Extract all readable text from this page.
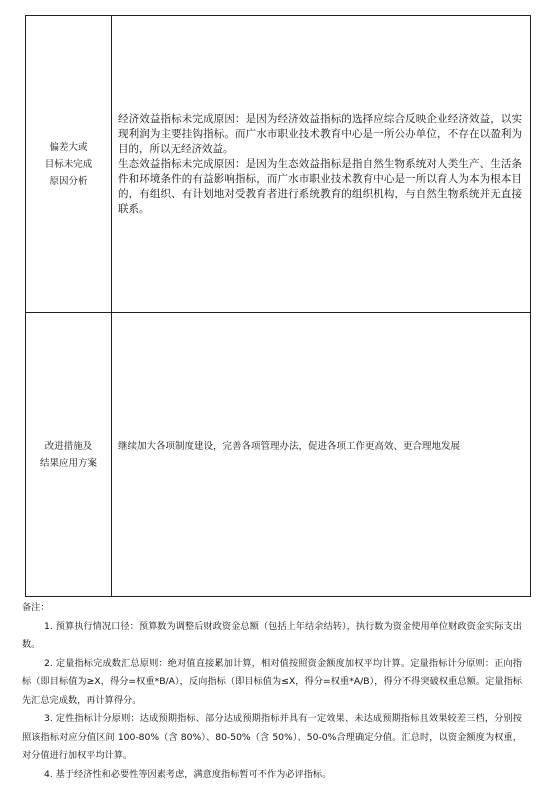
偏差大或
目标未完成
原因分析

经济效益指标未完成原因：是因为经济效益指标的选择应综合反映企业经济效益，以实现利润为主要挂钩指标。而广水市职业技术教育中心是一所公办单位，不存在以盈利为目的，所以无经济效益。

生态效益指标未完成原因：是因为生态效益指标是指自然生物系统对人类生产、生活条件和环境条件的有益影响指标，而广水市职业技术教育中心是一所以育人为本为根本目的，有组织、有计划地对受教育者进行系统教育的组织机构，与自然生物系统并无直接联系。

改进措施及
结果应用方案

继续加大各项制度建设，完善各项管理办法，促进各项工作更高效、更合理地发展

备注：

1. 预算执行情况口径：预算数为调整后财政资金总额（包括上年结余结转），执行数为资金使用单位财政资金实际支出数。

2. 定量指标完成数汇总原则：绝对值直接累加计算，相对值按照资金额度加权平均计算。定量指标计分原则：正向指标（即目标值为≥X，得分=权重*B/A），反向指标（即目标值为≤X，得分=权重*A/B），得分不得突破权重总额。定量指标先汇总完成数，再计算得分。

3. 定性指标计分原则：达成预期指标、部分达成预期指标并具有一定效果、未达成预期指标且效果较差三档，分别按照该指标对应分值区间 100-80%（含 80%）、80-50%（含 50%）、50-0%合理确定分值。汇总时，以资金额度为权重，对分值进行加权平均计算。

4. 基于经济性和必要性等因素考虑，满意度指标暂可不作为必评指标。
